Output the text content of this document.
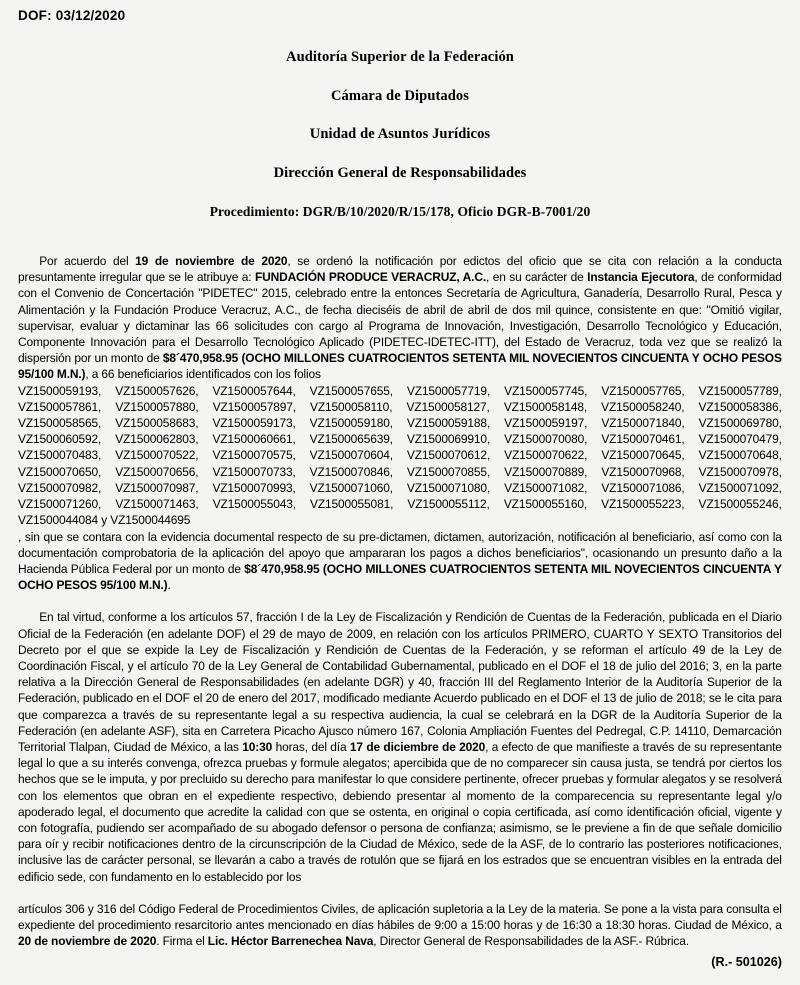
DOF: 03/12/2020
Auditoría Superior de la Federación
Cámara de Diputados
Unidad de Asuntos Jurídicos
Dirección General de Responsabilidades
Procedimiento: DGR/B/10/2020/R/15/178, Oficio DGR-B-7001/20

Por acuerdo del 19 de noviembre de 2020, se ordenó la notificación por edictos del oficio que se cita con relación a la conducta presuntamente irregular que se le atribuye a: FUNDACIÓN PRODUCE VERACRUZ, A.C., en su carácter de Instancia Ejecutora, de conformidad con el Convenio de Concertación "PIDETEC" 2015, celebrado entre la entonces Secretaría de Agricultura, Ganadería, Desarrollo Rural, Pesca y Alimentación y la Fundación Produce Veracruz, A.C., de fecha dieciséis de abril de abril de dos mil quince, consistente en que: "Omitió vigilar, supervisar, evaluar y dictaminar las 66 solicitudes con cargo al Programa de Innovación, Investigación, Desarrollo Tecnológico y Educación, Componente Innovación para el Desarrollo Tecnológico Aplicado (PIDETEC-IDETEC-ITT), del Estado de Veracruz, toda vez que se realizó la dispersión por un monto de $8´470,958.95 (OCHO MILLONES CUATROCIENTOS SETENTA MIL NOVECIENTOS CINCUENTA Y OCHO PESOS 95/100 M.N.), a 66 beneficiarios identificados con los folios
VZ1500059193, VZ1500057626, VZ1500057644, VZ1500057655, VZ1500057719, VZ1500057745, VZ1500057765, VZ1500057789, VZ1500057861, VZ1500057880, VZ1500057897, VZ1500058110, VZ1500058127, VZ1500058148, VZ1500058240, VZ1500058386, VZ1500058565, VZ1500058683, VZ1500059173, VZ1500059180, VZ1500059188, VZ1500059197, VZ1500071840, VZ1500069780, VZ1500060592, VZ1500062803, VZ1500060661, VZ1500065639, VZ1500069910, VZ1500070080, VZ1500070461, VZ1500070479, VZ1500070483, VZ1500070522, VZ1500070575, VZ1500070604, VZ1500070612, VZ1500070622, VZ1500070645, VZ1500070648, VZ1500070650, VZ1500070656, VZ1500070733, VZ1500070846, VZ1500070855, VZ1500070889, VZ1500070968, VZ1500070978, VZ1500070982, VZ1500070987, VZ1500070993, VZ1500071060, VZ1500071080, VZ1500071082, VZ1500071086, VZ1500071092, VZ1500071260, VZ1500071463, VZ1500055043, VZ1500055081, VZ1500055112, VZ1500055160, VZ1500055223, VZ1500055246, VZ1500044084 y VZ1500044695
, sin que se contara con la evidencia documental respecto de su pre-dictamen, dictamen, autorización, notificación al beneficiario, así como con la documentación comprobatoria de la aplicación del apoyo que ampararan los pagos a dichos beneficiarios", ocasionando un presunto daño a la Hacienda Pública Federal por un monto de $8´470,958.95 (OCHO MILLONES CUATROCIENTOS SETENTA MIL NOVECIENTOS CINCUENTA Y OCHO PESOS 95/100 M.N.).

En tal virtud, conforme a los artículos 57, fracción I de la Ley de Fiscalización y Rendición de Cuentas de la Federación, publicada en el Diario Oficial de la Federación (en adelante DOF) el 29 de mayo de 2009, en relación con los artículos PRIMERO, CUARTO Y SEXTO Transitorios del Decreto por el que se expide la Ley de Fiscalización y Rendición de Cuentas de la Federación, y se reforman el artículo 49 de la Ley de Coordinación Fiscal, y el artículo 70 de la Ley General de Contabilidad Gubernamental, publicado en el DOF el 18 de julio del 2016; 3, en la parte relativa a la Dirección General de Responsabilidades (en adelante DGR) y 40, fracción III del Reglamento Interior de la Auditoría Superior de la Federación, publicado en el DOF el 20 de enero del 2017, modificado mediante Acuerdo publicado en el DOF el 13 de julio de 2018; se le cita para que comparezca a través de su representante legal a su respectiva audiencia, la cual se celebrará en la DGR de la Auditoría Superior de la Federación (en adelante ASF), sita en Carretera Picacho Ajusco número 167, Colonia Ampliación Fuentes del Pedregal, C.P. 14110, Demarcación Territorial Tlalpan, Ciudad de México, a las 10:30 horas, del día 17 de diciembre de 2020, a efecto de que manifieste a través de su representante legal lo que a su interés convenga, ofrezca pruebas y formule alegatos; apercibida que de no comparecer sin causa justa, se tendrá por ciertos los hechos que se le imputa, y por precluido su derecho para manifestar lo que considere pertinente, ofrecer pruebas y formular alegatos y se resolverá con los elementos que obran en el expediente respectivo, debiendo presentar al momento de la comparecencia su representante legal y/o apoderado legal, el documento que acredite la calidad con que se ostenta, en original o copia certificada, así como identificación oficial, vigente y con fotografía, pudiendo ser acompañado de su abogado defensor o persona de confianza; asimismo, se le previene a fin de que señale domicilio para oír y recibir notificaciones dentro de la circunscripción de la Ciudad de México, sede de la ASF, de lo contrario las posteriores notificaciones, inclusive las de carácter personal, se llevarán a cabo a través de rotulón que se fijará en los estrados que se encuentran visibles en la entrada del edificio sede, con fundamento en lo establecido por los

artículos 306 y 316 del Código Federal de Procedimientos Civiles, de aplicación supletoria a la Ley de la materia. Se pone a la vista para consulta el expediente del procedimiento resarcitorio antes mencionado en días hábiles de 9:00 a 15:00 horas y de 16:30 a 18:30 horas. Ciudad de México, a 20 de noviembre de 2020. Firma el Lic. Héctor Barrenechea Nava, Director General de Responsabilidades de la ASF.- Rúbrica.

(R.- 501026)
